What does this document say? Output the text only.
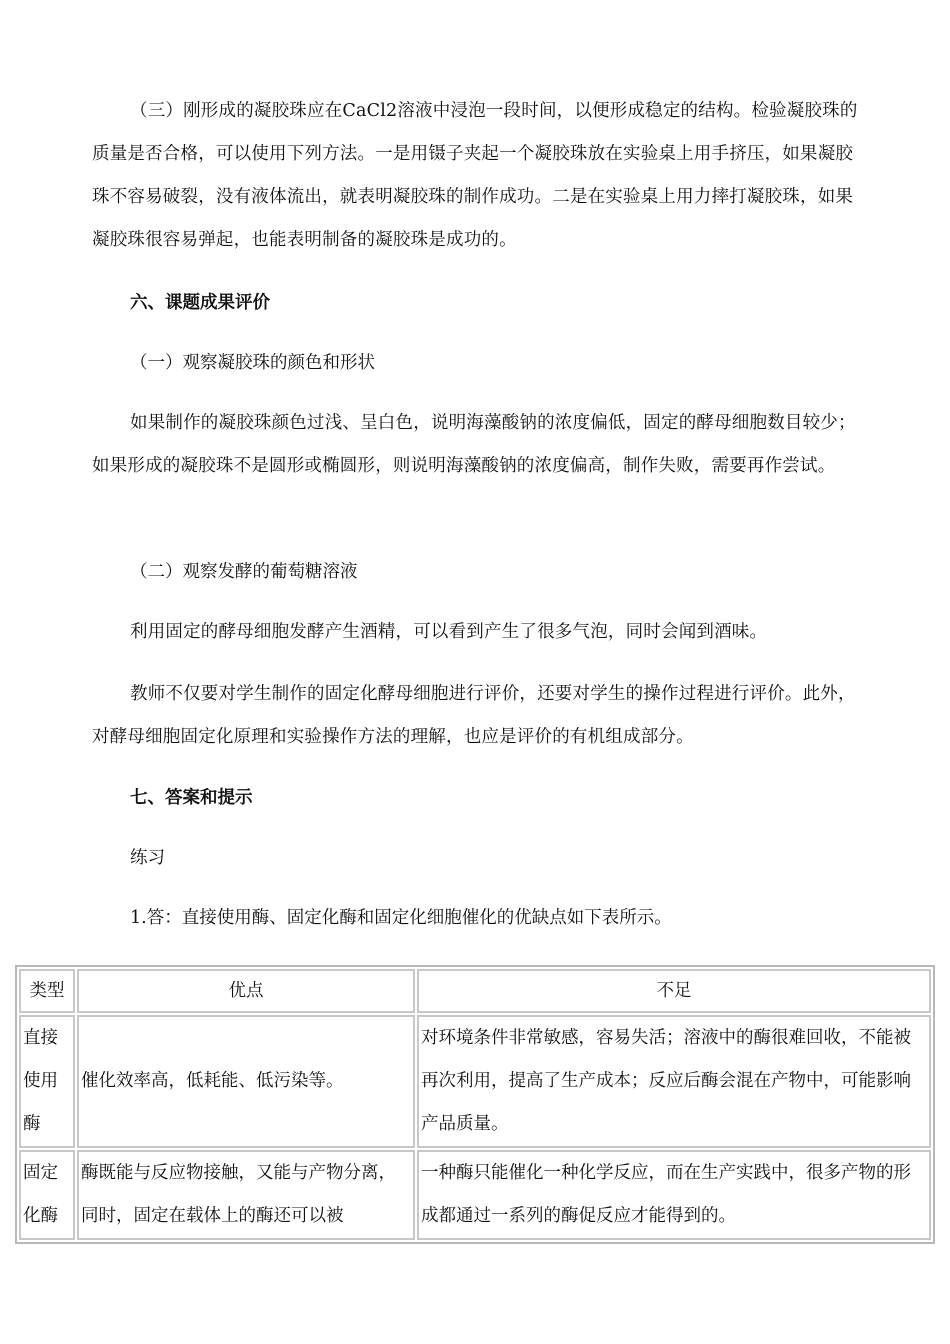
（三）刚形成的凝胶珠应在CaCl2溶液中浸泡一段时间，以便形成稳定的结构。检验凝胶珠的质量是否合格，可以使用下列方法。一是用镊子夹起一个凝胶珠放在实验桌上用手挤压，如果凝胶珠不容易破裂，没有液体流出，就表明凝胶珠的制作成功。二是在实验桌上用力摔打凝胶珠，如果凝胶珠很容易弹起，也能表明制备的凝胶珠是成功的。

六、课题成果评价

（一）观察凝胶珠的颜色和形状

如果制作的凝胶珠颜色过浅、呈白色，说明海藻酸钠的浓度偏低，固定的酵母细胞数目较少；如果形成的凝胶珠不是圆形或椭圆形，则说明海藻酸钠的浓度偏高，制作失败，需要再作尝试。

（二）观察发酵的葡萄糖溶液

利用固定的酵母细胞发酵产生酒精，可以看到产生了很多气泡，同时会闻到酒味。

教师不仅要对学生制作的固定化酵母细胞进行评价，还要对学生的操作过程进行评价。此外，对酵母细胞固定化原理和实验操作方法的理解，也应是评价的有机组成部分。

七、答案和提示

练习

1.答：直接使用酶、固定化酶和固定化细胞催化的优缺点如下表所示。

类型	优点	不足
直接使用酶	催化效率高，低耗能、低污染等。	对环境条件非常敏感，容易失活；溶液中的酶很难回收，不能被再次利用，提高了生产成本；反应后酶会混在产物中，可能影响产品质量。
固定化酶	酶既能与反应物接触，又能与产物分离，同时，固定在载体上的酶还可以被	一种酶只能催化一种化学反应，而在生产实践中，很多产物的形成都通过一系列的酶促反应才能得到的。
